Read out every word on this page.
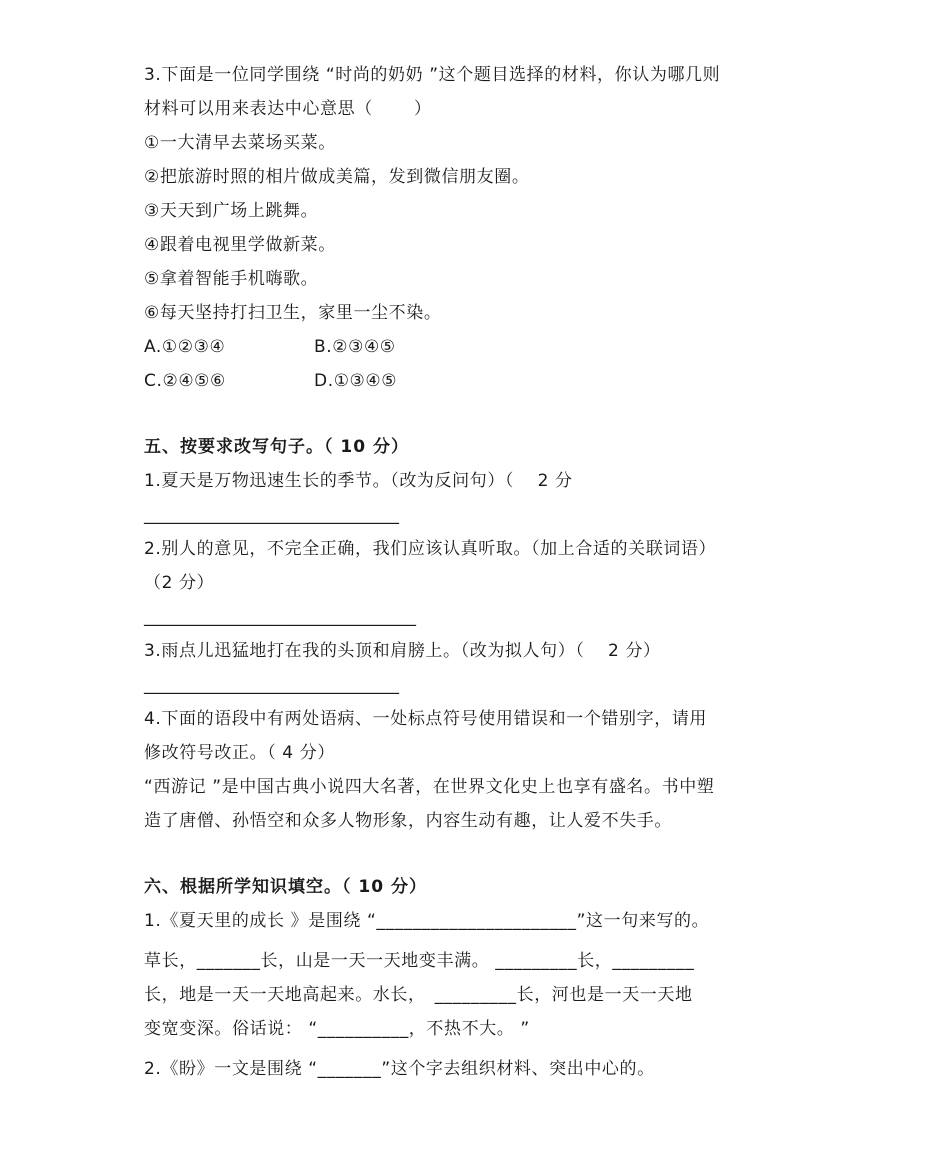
3.下面是一位同学围绕 “时尚的奶奶 ”这个题目选择的材料，你认为哪几则
材料可以用来表达中心意思（　　 ）
①一大清早去菜场买菜。
②把旅游时照的相片做成美篇，发到微信朋友圈。
③天天到广场上跳舞。
④跟着电视里学做新菜。
⑤拿着智能手机嗨歌。
⑥每天坚持打扫卫生，家里一尘不染。
A.①②③④	B.②③④⑤
C.②④⑤⑥	D.①③④⑤
五、按要求改写句子。（ 10 分）
1.夏天是万物迅速生长的季节。（改为反问句）（　 2 分
______________________________
2.别人的意见，不完全正确，我们应该认真听取。（加上合适的关联词语）
（2 分）
________________________________
3.雨点儿迅猛地打在我的头顶和肩膀上。（改为拟人句）（　 2 分）
______________________________
4.下面的语段中有两处语病、一处标点符号使用错误和一个错别字，请用
修改符号改正。（ 4 分）
“西游记 ”是中国古典小说四大名著，在世界文化史上也享有盛名。书中塑
造了唐僧、孙悟空和众多人物形象，内容生动有趣，让人爱不失手。
六、根据所学知识填空。（ 10 分）
1.《夏天里的成长 》是围绕 “______________________”这一句来写的。
草长，_______长，山是一天一天地变丰满。 _________长，_________
长，地是一天一天地高起来。水长，　_________长，河也是一天一天地
变宽变深。俗话说： “__________，不热不大。 ”
2.《盼》一文是围绕 “_______”这个字去组织材料、突出中心的。
